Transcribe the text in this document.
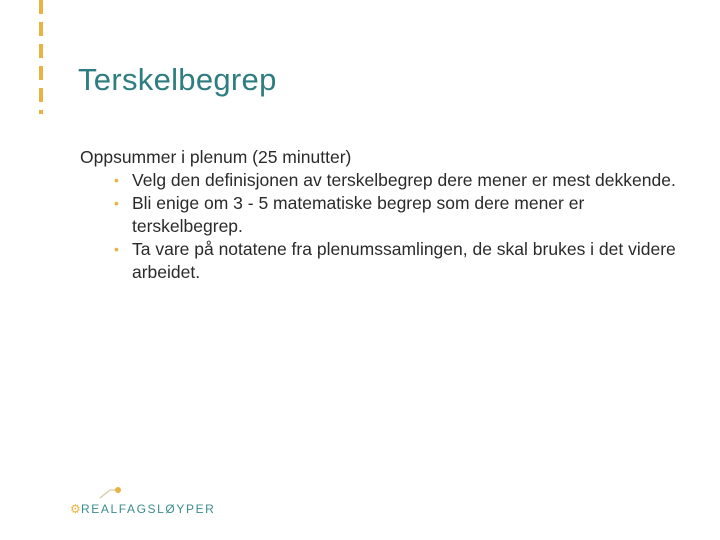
Terskelbegrep

Oppsummer i plenum (25 minutter)

• Velg den definisjonen av terskelbegrep dere mener er mest dekkende.
• Bli enige om 3 - 5 matematiske begrep som dere mener er terskelbegrep.
• Ta vare på notatene fra plenumssamlingen, de skal brukes i det videre arbeidet.
⚙ REALFAGSLØYPER
